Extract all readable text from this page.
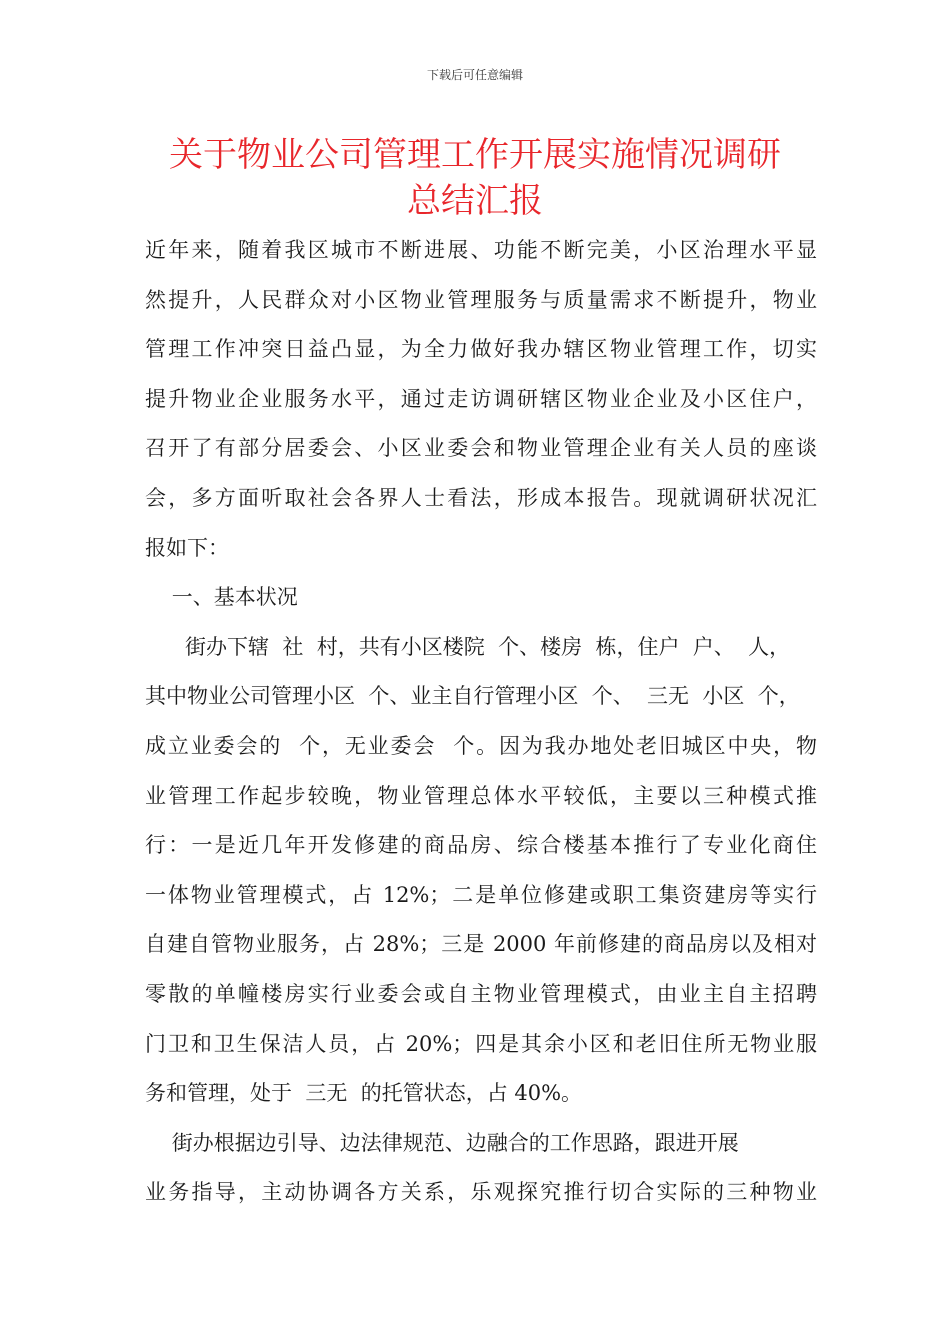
下载后可任意编辑
关于物业公司管理工作开展实施情况调研
总结汇报
近年来，随着我区城市不断进展、功能不断完美，小区治理水平显
然提升，人民群众对小区物业管理服务与质量需求不断提升，物业
管理工作冲突日益凸显，为全力做好我办辖区物业管理工作，切实
提升物业企业服务水平，通过走访调研辖区物业企业及小区住户，
召开了有部分居委会、小区业委会和物业管理企业有关人员的座谈
会，多方面听取社会各界人士看法，形成本报告。现就调研状况汇
报如下：
一、基本状况
街办下辖  社  村，共有小区楼院  个、楼房  栋，住户  户、  人，
其中物业公司管理小区  个、业主自行管理小区  个、  三无  小区  个，
成立业委会的  个，无业委会  个。因为我办地处老旧城区中央，物
业管理工作起步较晚，物业管理总体水平较低，主要以三种模式推
行：一是近几年开发修建的商品房、综合楼基本推行了专业化商住
一体物业管理模式，占 12%；二是单位修建或职工集资建房等实行
自建自管物业服务，占 28%；三是 2000 年前修建的商品房以及相对
零散的单幢楼房实行业委会或自主物业管理模式，由业主自主招聘
门卫和卫生保洁人员，占 20%；四是其余小区和老旧住所无物业服
务和管理，处于  三无  的托管状态，占 40%。
街办根据边引导、边法律规范、边融合的工作思路，跟进开展
业务指导，主动协调各方关系，乐观探究推行切合实际的三种物业
